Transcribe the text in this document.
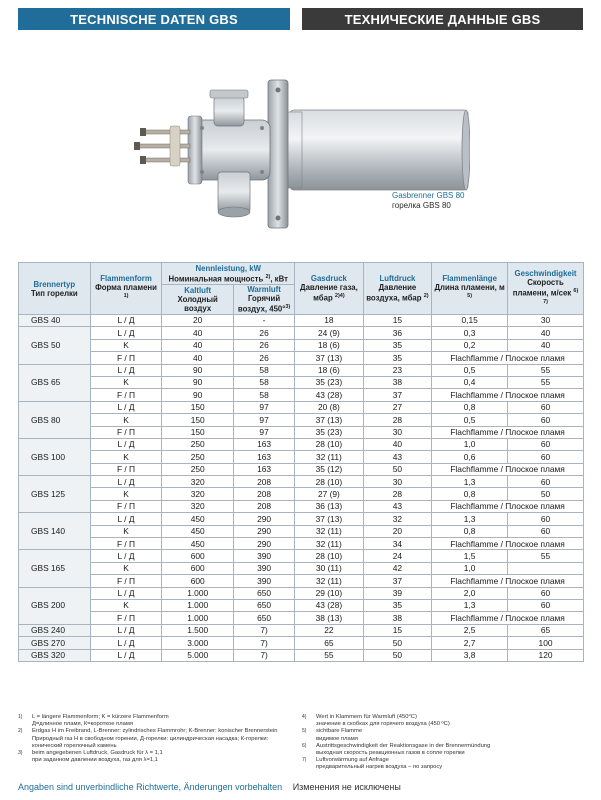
TECHNISCHE DATEN GBS	ТЕХНИЧЕСКИЕ ДАННЫЕ GBS
Gasbrenner GBS 80
горелка GBS 80
Brennertyp
Тип горелки	Flammenform
Форма пламени $^{1)}$	Nennleistung, kW
Номинальная мощность $^{2)}$, кВт		Gasdruck
Давление газа, мбар $^{2)4)}$	Luftdruck
Давление воздуха, мбар $^{2)}$	Flammenlänge
Длина пламени, м $^{5)}$	Geschwindigkeit
Скорость пламени, м/сек $^{6) 7)}$

		Kaltluft
Холодный воздух	Warmluft
Горячий воздух, 450°$^{3)}$

GBS 40	L / Д	20	-	18	15	0,15	30
GBS 50	L / Д	40	26	24 (9)	36	0,3	40
	K	40	26	18 (6)	35	0,2	40
	F / П	40	26	37 (13)	35	Flachflamme / Плоское пламя	
GBS 65	L / Д	90	58	18 (6)	23	0,5	55
	K	90	58	35 (23)	38	0,4	55
	F / П	90	58	43 (28)	37	Flachflamme / Плоское пламя	
GBS 80	L / Д	150	97	20 (8)	27	0,8	60
	K	150	97	37 (13)	28	0,5	60
	F / П	150	97	35 (23)	30	Flachflamme / Плоское пламя	
GBS 100	L / Д	250	163	28 (10)	40	1,0	60
	K	250	163	32 (11)	43	0,6	60
	F / П	250	163	35 (12)	50	Flachflamme / Плоское пламя	
GBS 125	L / Д	320	208	28 (10)	30	1,3	60
	K	320	208	27 (9)	28	0,8	50
	F / П	320	208	36 (13)	43	Flachflamme / Плоское пламя	
GBS 140	L / Д	450	290	37 (13)	32	1,3	60
	K	450	290	32 (11)	20	0,8	60
	F / П	450	290	32 (11)	34	Flachflamme / Плоское пламя	
GBS 165	L / Д	600	390	28 (10)	24	1,5	55
	K	600	390	30 (11)	42	1,0	
	F / П	600	390	32 (11)	37	Flachflamme / Плоское пламя	
GBS 200	L / Д	1.000	650	29 (10)	39	2,0	60
	K	1.000	650	43 (28)	35	1,3	60
	F / П	1.000	650	38 (13)	38	Flachflamme / Плоское пламя	
GBS 240	L / Д	1.500	7)	22	15	2,5	65
GBS 270	L / Д	3.000	7)	65	50	2,7	100
GBS 320	L / Д	5.000	7)	55	50	3,8	120
1)	L = längere Flammenform; K = kürzere Flammenform
Д=длинное пламя, К=короткое пламя
2)	Erdgas H im Freibrand, L-Brenner: zylindrisches Flammrohr; K-Brenner: konischer Brennerstein
Природный газ Н в свободном горении, Д-горелки: цилиндрическая насадка; К-горелки: конический горелочный камень
3)	beim angegebenen Luftdruck, Gasdruck für λ = 1,1
при заданном давлении воздуха, газ для λ=1,1
4)	Wert in Klammern für Warmluft (450°C)
значение в скобках для горячего воздуха (450 ºC)
5)	sichtbare Flamme
видимое пламя
6)	Austrittsgeschwindigkeit der Reaktionsgase in der Brennermündung
выходная скорость реакционных газов в сопле горелки
7)	Luftvorwärmung auf Anfrage
предварительный нагрев воздуха – по запросу
Angaben sind unverbindliche Richtwerte, Änderungen vorbehalten Изменения не исключены
